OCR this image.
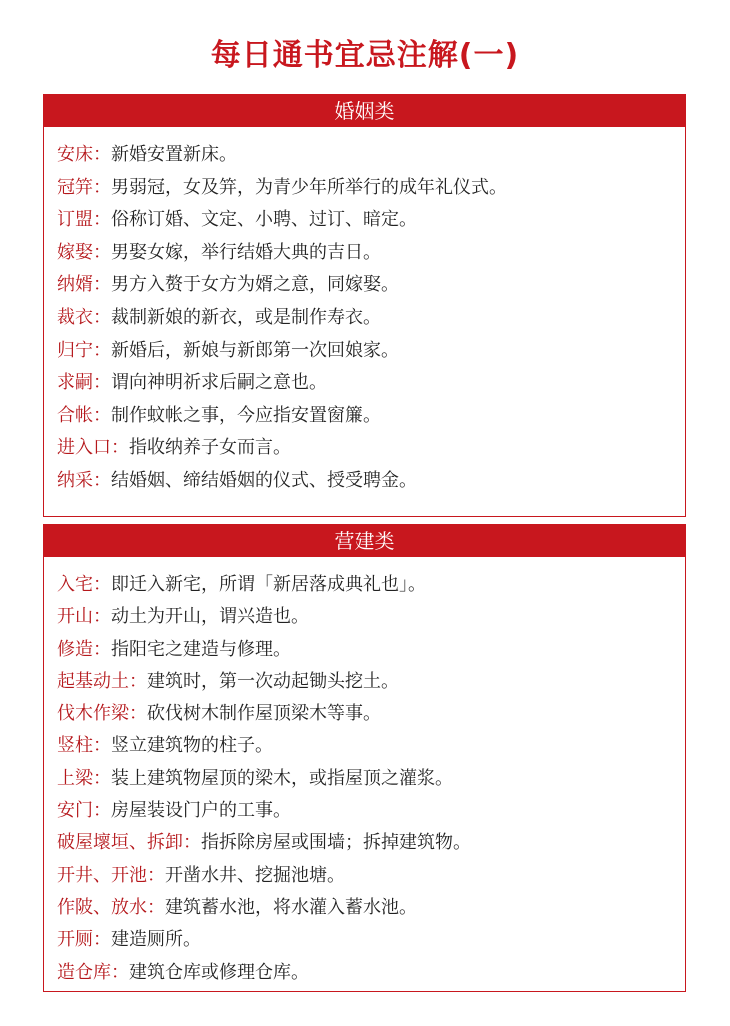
每日通书宜忌注解(一)
婚姻类
安床：新婚安置新床。
冠笄：男弱冠，女及笄，为青少年所举行的成年礼仪式。
订盟：俗称订婚、文定、小聘、过订、暗定。
嫁娶：男娶女嫁，举行结婚大典的吉日。
纳婿：男方入赘于女方为婿之意，同嫁娶。
裁衣：裁制新娘的新衣，或是制作寿衣。
归宁：新婚后，新娘与新郎第一次回娘家。
求嗣：谓向神明祈求后嗣之意也。
合帐：制作蚊帐之事，今应指安置窗簾。
进入口：指收纳养子女而言。
纳采：结婚姻、缔结婚姻的仪式、授受聘金。
营建类
入宅：即迁入新宅，所谓「新居落成典礼也」。
开山：动土为开山，谓兴造也。
修造：指阳宅之建造与修理。
起基动土：建筑时，第一次动起锄头挖土。
伐木作梁：砍伐树木制作屋顶梁木等事。
竖柱：竖立建筑物的柱子。
上梁：装上建筑物屋顶的梁木，或指屋顶之灌浆。
安门：房屋装设门户的工事。
破屋壞垣、拆卸：指拆除房屋或围墙；拆掉建筑物。
开井、开池：开凿水井、挖掘池塘。
作陂、放水：建筑蓄水池，将水灌入蓄水池。
开厕：建造厕所。
造仓库：建筑仓库或修理仓库。
